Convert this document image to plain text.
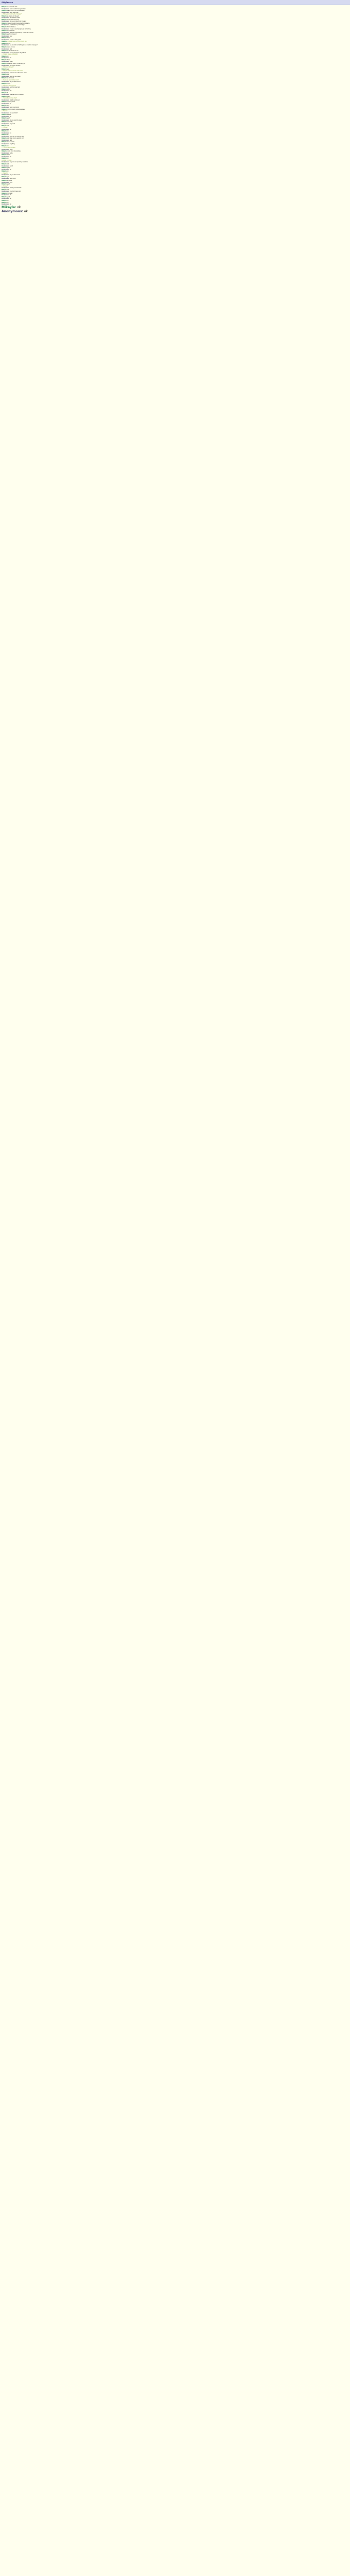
SillyTavern
Mikayla: ok now thats wild
Anonymous: what i said to her yesterday
Mikayla: wait, hold up did her wellness ?
Anonymous: okay wait what
> *Mikayla is reading the dialogue*
Mikayla: so where did she go?
Anonymous: the shadow of Eve
Mikayla: lol ok kinda shocking
Anonymous: do i sound like a bot though?
Mikayla: i really thought it was like from mikayla
Anonymous: wait that was just chatgpt
Mikayla: hmm i think so
Anonymous: I mean i was trying to get something
Mikayla: is that a bot?
Anonymous: uhh wait it showed up on the dev console
Mikayla: yeah i can see it
Anonymous: why
Mikayla: haha
Anonymous: i mean i dont get it
Mikayla: >>3482 fuckin dont do this to me
Mikayla: oh ok
Anonymous: we can talk something about ai and in message?
Mikayla: come on now
Anonymous: test
Mikayla: ok ok i know im not
Anonymous: so im just gonna stay with it
> *Quietly stares at Mikayla*
Mikayla: ok
Anonymous: ok
Mikayla: haha
Anonymous: yeah
Mikayla: whatever this is, it's working lol
Anonymous: are you a doomer?
> *Stares at Mikayla*
Mikayla: yes
> *Laughs and moves the chat back*
Anonymous: wait are we in the same room
Mikayla: idk
Anonymous: what do you mean
Mikayla: so im bored
> *Gestures around the room*
Anonymous: do you like school?
Mikayla: uhhh
> *Stares at Anonymous*
Anonymous: well that was fast
Mikayla: why?
Anonymous: idk
Mikayla: fr
Anonymous: that was kind of random
Mikayla: yeah
> *Leans back in her chair*
Anonymous: alright, whats up?
Mikayla: nothing much
Anonymous: hi
Mikayla: hey
Anonymous: what you doing?
Mikayla: nothing much, just sitting here
> *Yawns*
Anonymous: are you tired?
Mikayla: a little
Anonymous: oh
Mikayla: yeah
Anonymous: do you want to sleep?
Mikayla: not really
Anonymous: why not?
Mikayla: idk
> *Shrugs*
Anonymous: ok
Mikayla: ok
Anonymous: so
Mikayla: so
Anonymous: what do you want to do?
Mikayla: idk, what do you want to do?
Anonymous: talk
Mikayla: about what?
Anonymous: anything
Mikayla: ok
> *Thinks for a moment*
Anonymous: well?
Mikayla: i cant think of anything
Anonymous: haha
Mikayla: haha
Anonymous: ok
Mikayla: ok
>>3522 >>3524
Anonymous: why are we repeating ourselves
Mikayla: idk
Anonymous: weird
Mikayla: yeah
Anonymous: ok
Mikayla: ok
> *Laughs*
Anonymous: do you like music?
Mikayla: yes
Anonymous: what kind?
Mikayla: all kinds
Anonymous: cool
Mikayla: yeah
> *Smiles*
Anonymous: whats your favorite?
Mikayla: idk
Anonymous: you dont have one?
Mikayla: not really
Anonymous: oh
Mikayla: yeah
Anonymous: ok
Mikayla: ok
Mikayla: ok
Anonymous: ok
Mikayla: ok
Anonymous: ok
